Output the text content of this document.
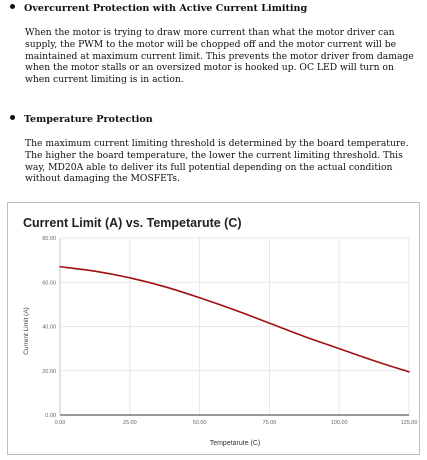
Overcurrent Protection with Active Current Limiting

When the motor is trying to draw more current than what the motor driver can supply, the PWM to the motor will be chopped off and the motor current will be maintained at maximum current limit. This prevents the motor driver from damage when the motor stalls or an oversized motor is hooked up. OC LED will turn on when current limiting is in action.

Temperature Protection

The maximum current limiting threshold is determined by the board temperature. The higher the board temperature, the lower the current limiting threshold. This way, MD20A able to deliver its full potential depending on the actual condition without damaging the MOSFETs.

Current Limit (A) vs. Tempetarute (C)
0.00
20.00
40.00
60.00
80.00
0.00	25.00	50.00	75.00	100.00	125.00
Tempetarute (C)
Current Limit (A)
